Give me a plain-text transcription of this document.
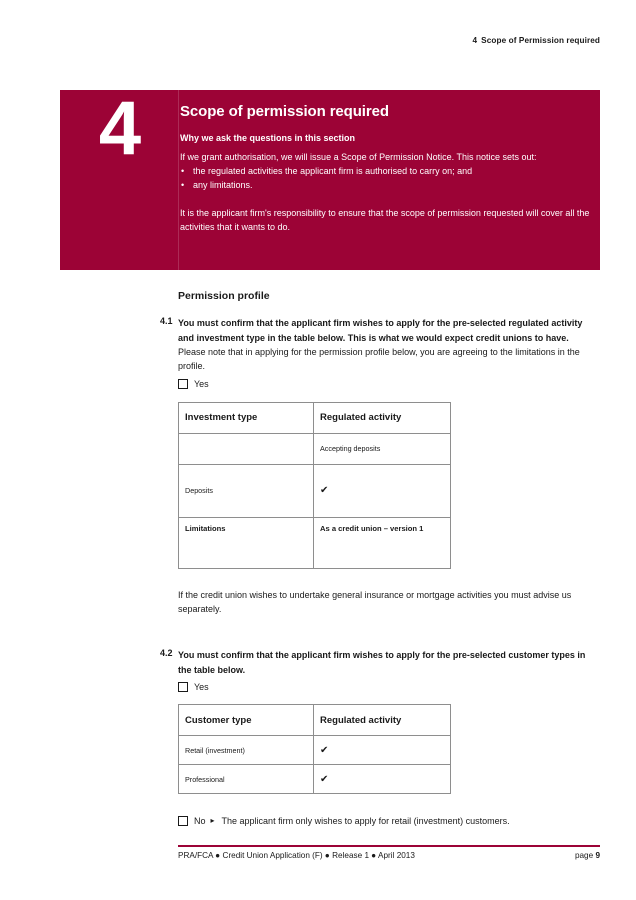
4 Scope of Permission required
4	Scope of permission required
Why we ask the questions in this section

If we grant authorisation, we will issue a Scope of Permission Notice. This notice sets out:

• the regulated activities the applicant firm is authorised to carry on; and
• any limitations.

It is the applicant firm's responsibility to ensure that the scope of permission requested will cover all the activities that it wants to do.

Permission profile
4.1 You must confirm that the applicant firm wishes to apply for the pre-selected regulated activity and investment type in the table below. This is what we would expect credit unions to have.

Please note that in applying for the permission profile below, you are agreeing to the limitations in the profile.

Yes
Investment type	Regulated activity
	Accepting deposits
Deposits	✔
Limitations	As a credit union – version 1

If the credit union wishes to undertake general insurance or mortgage activities you must advise us separately.

4.2 You must confirm that the applicant firm wishes to apply for the pre-selected customer types in the table below.

Yes
Customer type	Regulated activity
Retail (investment)	✔
Professional	✔
No ▸ The applicant firm only wishes to apply for retail (investment) customers.
PRA/FCA ● Credit Union Application (F) ● Release 1 ● April 2013	page 9
